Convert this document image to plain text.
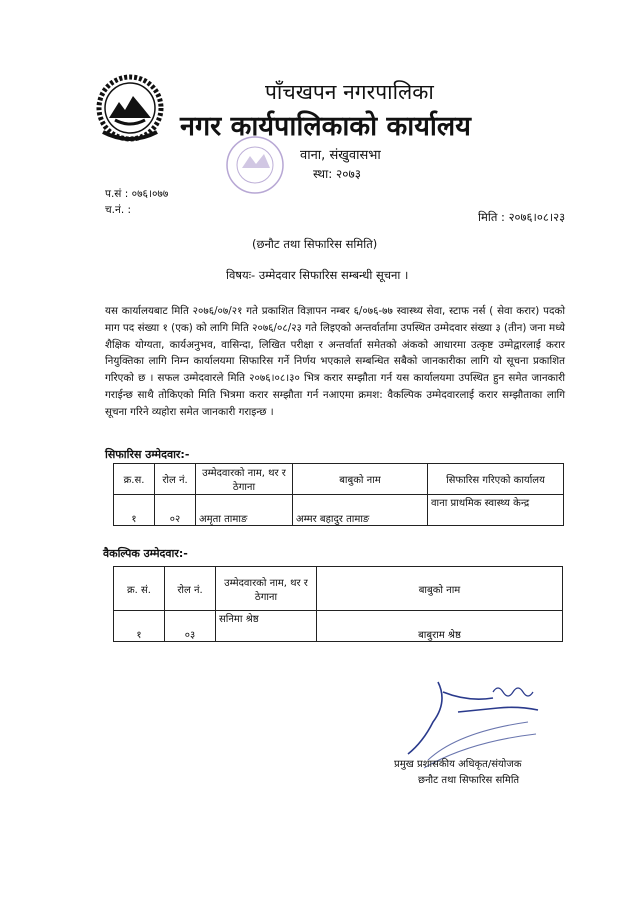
पाँचखपन नगरपालिका
नगर कार्यपालिकाको कार्यालय
वाना, संखुवासभा
स्था: २०७३
प.सं : ०७६।०७७
च.नं. :	मिति : २०७६।०८।२३
(छनौट तथा सिफारिस समिति)
विषयः- उम्मेदवार सिफारिस सम्बन्धी सूचना ।
यस कार्यालयबाट मिति २०७६/०७/२१ गते प्रकाशित विज्ञापन नम्बर ६/०७६-७७ स्वास्थ्य सेवा, स्टाफ नर्स ( सेवा करार) पदको माग पद संख्या १ (एक) को लागि मिति २०७६/०८/२३ गते लिइएको अन्तर्वार्तामा उपस्थित उम्मेदवार संख्या ३ (तीन) जना मध्ये शैक्षिक योग्यता, कार्यअनुभव, वासिन्दा, लिखित परीक्षा र अन्तर्वार्ता समेतको अंकको आधारमा उत्कृष्ट उम्मेद्वारलाई करार नियुक्तिका लागि निम्न कार्यालयमा सिफारिस गर्ने निर्णय भएकाले सम्बन्धित सबैको जानकारीका लागि यो सूचना प्रकाशित गरिएको छ । सफल उम्मेदवारले मिति २०७६।०८।३० भित्र करार सम्झौता गर्न यस कार्यालयमा उपस्थित हुन समेत जानकारी गराईन्छ साथै तोकिएको मिति भित्रमा करार सम्झौता गर्न नआएमा क्रमश: वैकल्पिक उम्मेदवारलाई करार सम्झौताका लागि सूचना गरिने व्यहोरा समेत जानकारी गराइन्छ ।
सिफारिस उम्मेदवार:-
क्र.स.	रोल नं.	उम्मेदवारको नाम, थर र ठेगाना	बाबुको नाम	सिफारिस गरिएको कार्यालय
१	०२	अमृता तामाङ	अम्मर बहादुर तामाङ	वाना प्राथमिक स्वास्थ्य केन्द्र
वैकल्पिक उम्मेदवार:-
क्र. सं.	रोल नं.	उम्मेदवारको नाम, थर र ठेगाना	बाबुको नाम
१	०३	सनिमा श्रेष्ठ	बाबुराम श्रेष्ठ
प्रमुख प्रशासकीय अधिकृत/संयोजक
छनौट तथा सिफारिस समिति
